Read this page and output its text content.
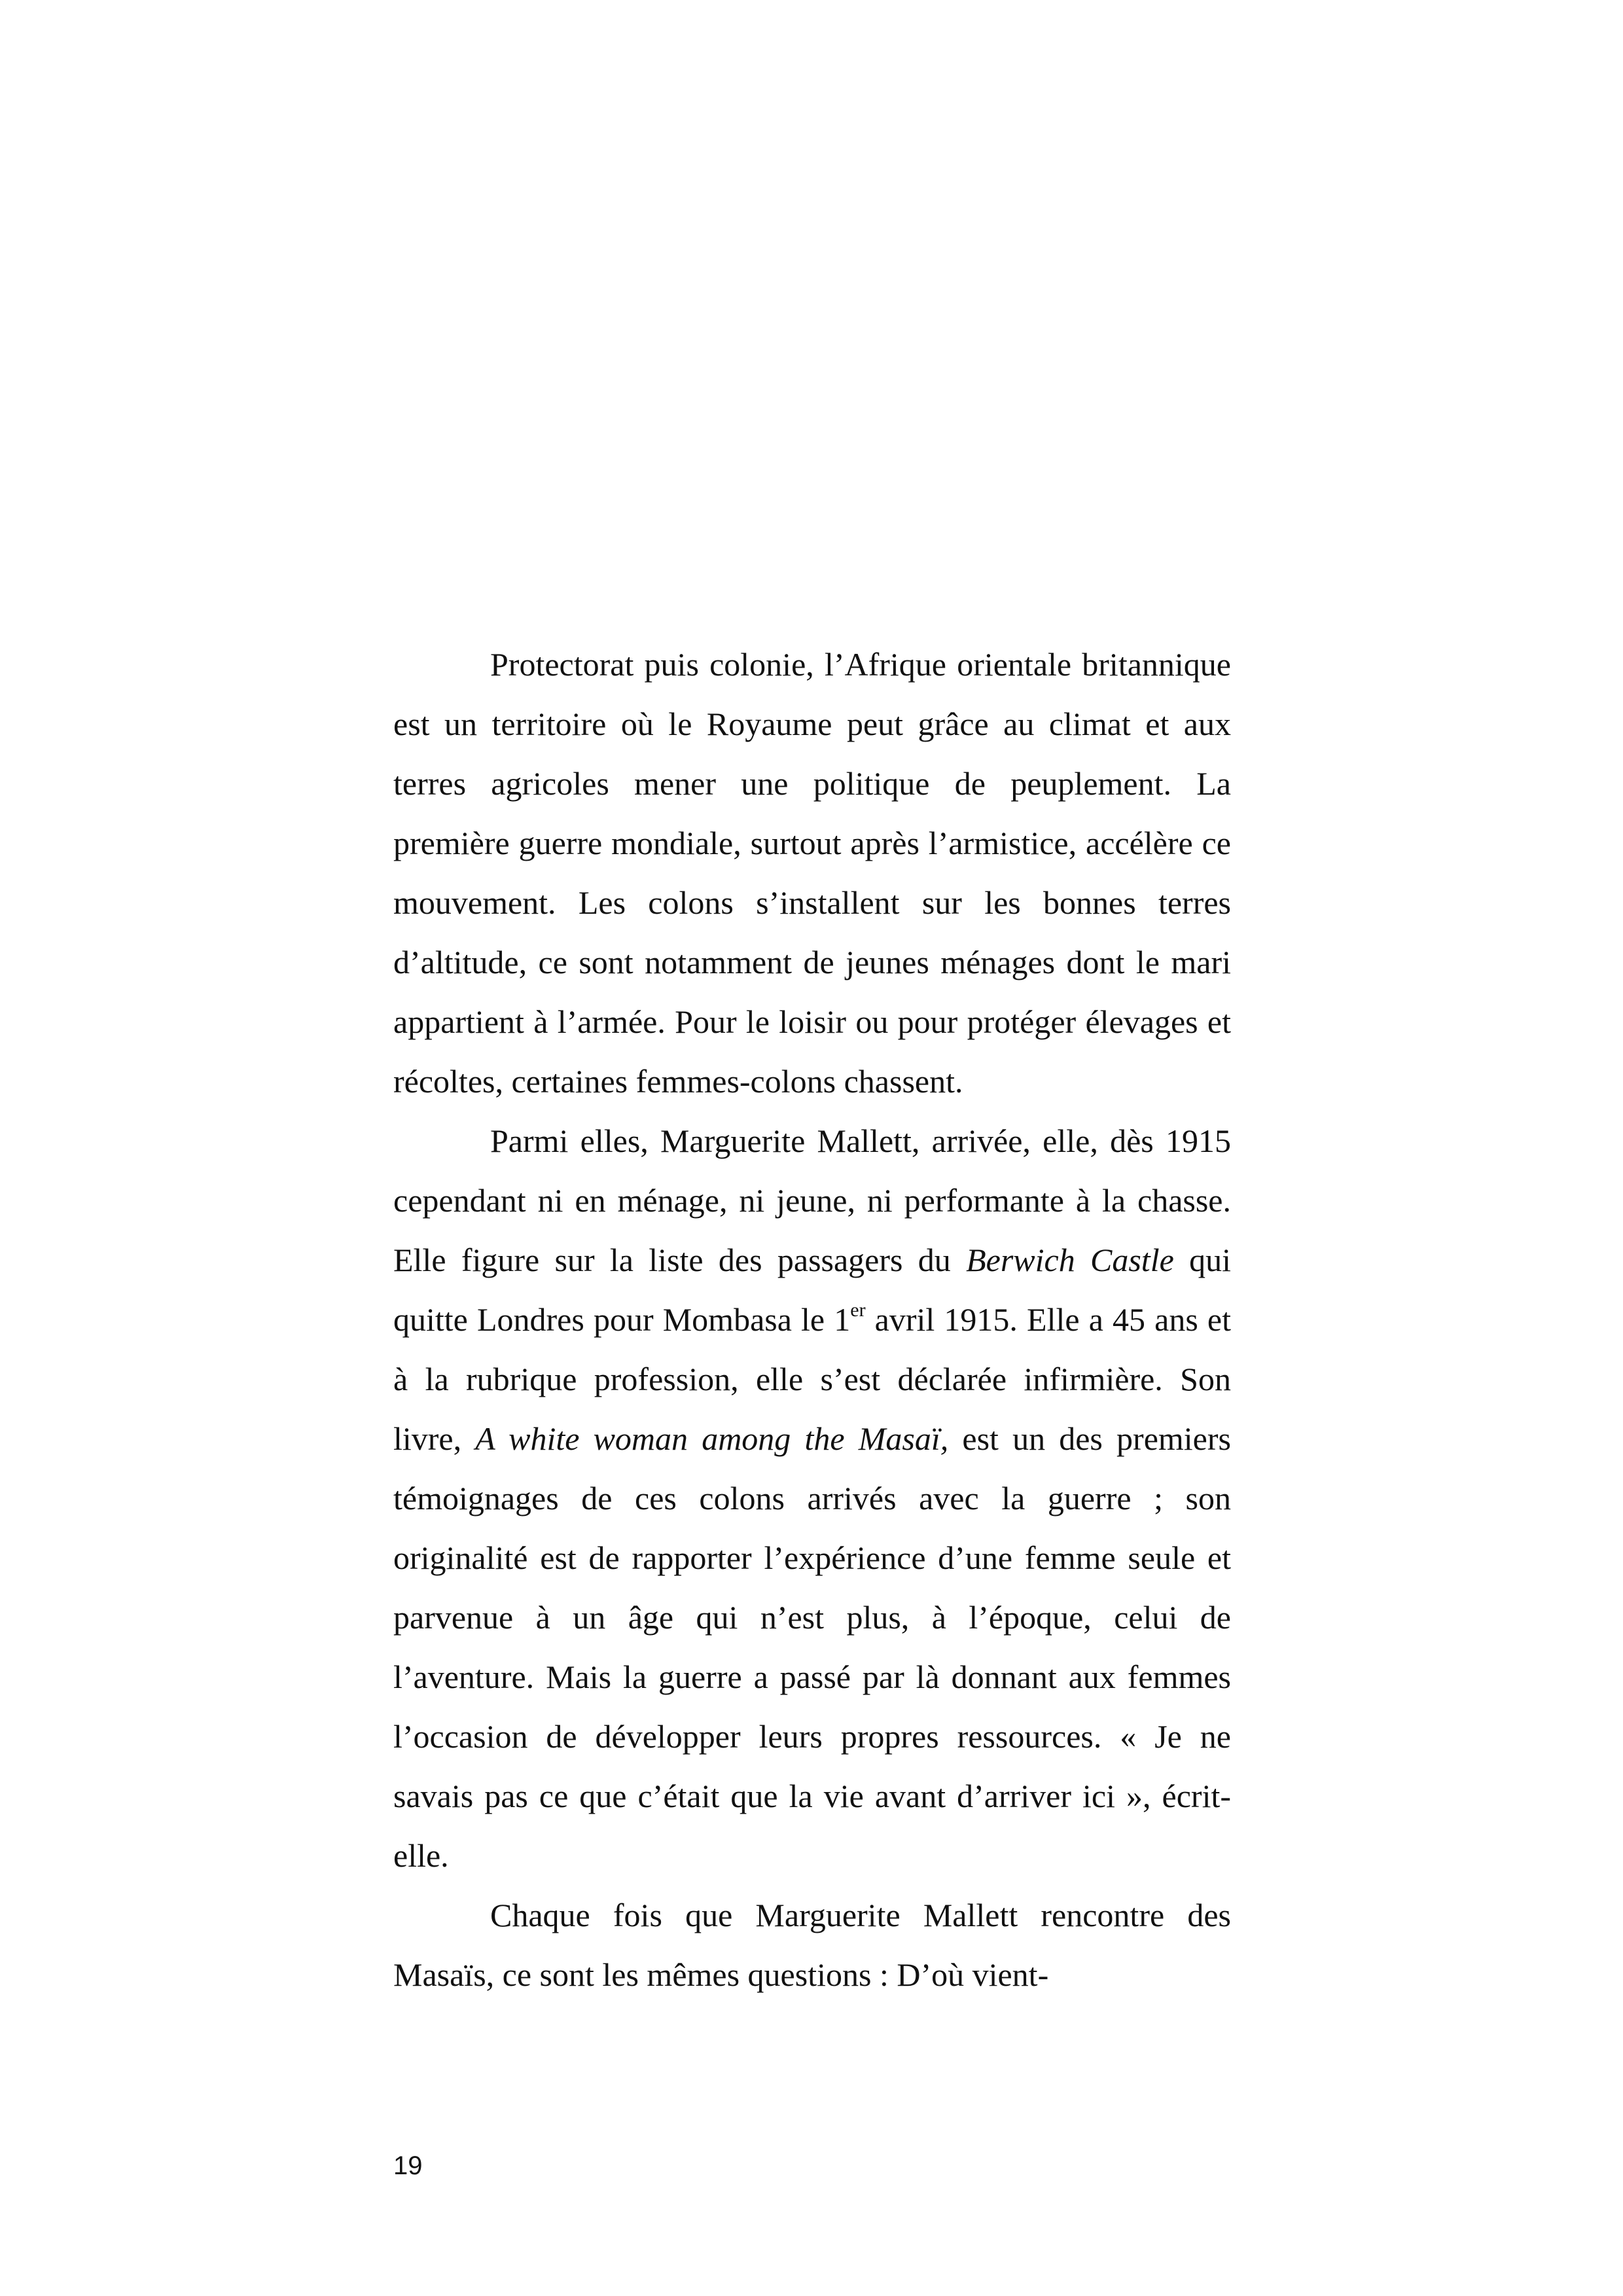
Protectorat puis colonie, l’Afrique orientale britannique est un territoire où le Royaume peut grâce au climat et aux terres agricoles mener une politique de peuplement. La première guerre mondiale, surtout après l’armistice, accélère ce mouvement. Les colons s’installent sur les bonnes terres d’altitude, ce sont notamment de jeunes ménages dont le mari appartient à l’armée. Pour le loisir ou pour protéger élevages et récoltes, certaines femmes-colons chassent.

Parmi elles, Marguerite Mallett, arrivée, elle, dès 1915 cependant ni en ménage, ni jeune, ni performante à la chasse. Elle figure sur la liste des passagers du Berwich Castle qui quitte Londres pour Mombasa le 1er avril 1915. Elle a 45 ans et à la rubrique profession, elle s’est déclarée infirmière. Son livre, A white woman among the Masaï, est un des premiers témoignages de ces colons arrivés avec la guerre ; son originalité est de rapporter l’expérience d’une femme seule et parvenue à un âge qui n’est plus, à l’époque, celui de l’aventure. Mais la guerre a passé par là donnant aux femmes l’occasion de développer leurs propres ressources. « Je ne savais pas ce que c’était que la vie avant d’arriver ici », écrit-elle.

Chaque fois que Marguerite Mallett rencontre des Masaïs, ce sont les mêmes questions : D’où vient-

19
